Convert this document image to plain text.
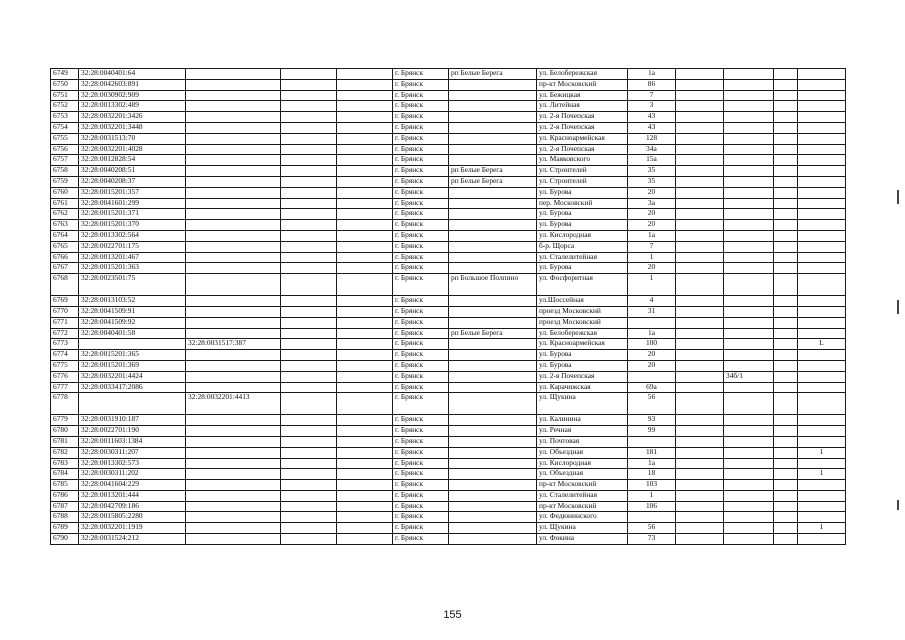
6749	32:28:0040401:64				г. Брянск	рп Белые Берега	ул. Белобережская	1а				
6750	32:28:0042603:891				г. Брянск		пр-кт Московский	86				
6751	32:28:0030902:909				г. Брянск		ул. Бежицкая	7				
6752	32:28:0013302:489				г. Брянск		ул. Литейная	3				
6753	32:28:0032201:3426				г. Брянск		ул. 2-я Почепская	43				
6754	32:28:0032201:3448				г. Брянск		ул. 2-я Почепская	43				
6755	32:28:0031513:70				г. Брянск		ул. Красноармейская	128				
6756	32:28:0032201:4028				г. Брянск		ул. 2-я Почепская	34а				
6757	32:28:0012828:54				г. Брянск		ул. Маяковского	15а				
6758	32:28:0040208:51				г. Брянск	рп Белые Берега	ул. Строителей	35				
6759	32:28:0040208:37				г. Брянск	рп Белые Берега	ул. Строителей	35				
6760	32:28:0015201:357				г. Брянск		ул. Бурова	20				
6761	32:28:0041601:299				г. Брянск		пер. Московский	3а				
6762	32:28:0015201:371				г. Брянск		ул. Бурова	20				
6763	32:28:0015201:370				г. Брянск		ул. Бурова	20				
6764	32:28:0013302:564				г. Брянск		ул. Кислородная	1а				
6765	32:28:0022701:175				г. Брянск		б-р. Щорса	7				
6766	32:28:0013201:467				г. Брянск		ул. Сталелитейная	1				
6767	32:28:0015201:363				г. Брянск		ул. Бурова	20				
6768	32:28:0023501:75				г. Брянск	рп Большое Полпино	ул. Фосфоритная	1				
6769	32:28:0013103:52				г. Брянск		ул.Шоссейная	4				
6770	32:28:0041509:91				г. Брянск		проезд Московский	31				
6771	32:28:0041509:92				г. Брянск		проезд Московский					
6772	32:28:0040401:58				г. Брянск	рп Белые Берега	ул. Белобережская	1а				
6773		32:28:0031517:387			г. Брянск		ул. Красноармейская	100				L
6774	32:28:0015201:365				г. Брянск		ул. Бурова	20				
6775	32:28:0015201:369				г. Брянск		ул. Бурова	20				
6776	32:28:0032201:4424				г. Брянск		ул. 2-я Почепская			34б/1		
6777	32:28:0033417:2086				г. Брянск		ул. Карачижская	69а				
6778		32:28:0032201:4413			г. Брянск		ул. Щукина	56				
6779	32:28:0031910:187				г. Брянск		ул. Калинина	93				
6780	32:28:0022701:190				г. Брянск		ул. Речная	99				
6781	32:28:0011603:1384				г. Брянск		ул. Почтовая					
6782	32:28:0030311:207				г. Брянск		ул. Объездная	181				1
6783	32:28:0013302:573				г. Брянск		ул. Кислородная	1а				
6784	32:28:0030311:202				г. Брянск		ул. Объездная	18				1
6785	32:28:0041604:229				г. Брянск		пр-кт Московский	103				
6786	32:28:0013201:444				г. Брянск		ул. Сталелитейная	1				
6787	32:28:0042709:186				г. Брянск		пр-кт Московский	106				
6788	32:28:0015805:2280				г. Брянск		ул. Федюнинского					
6789	32:28:0032201:1919				г. Брянск		ул. Щукина	56				1
6790	32:28:0031524:212				г. Брянск		ул. Фокина	73				
155
